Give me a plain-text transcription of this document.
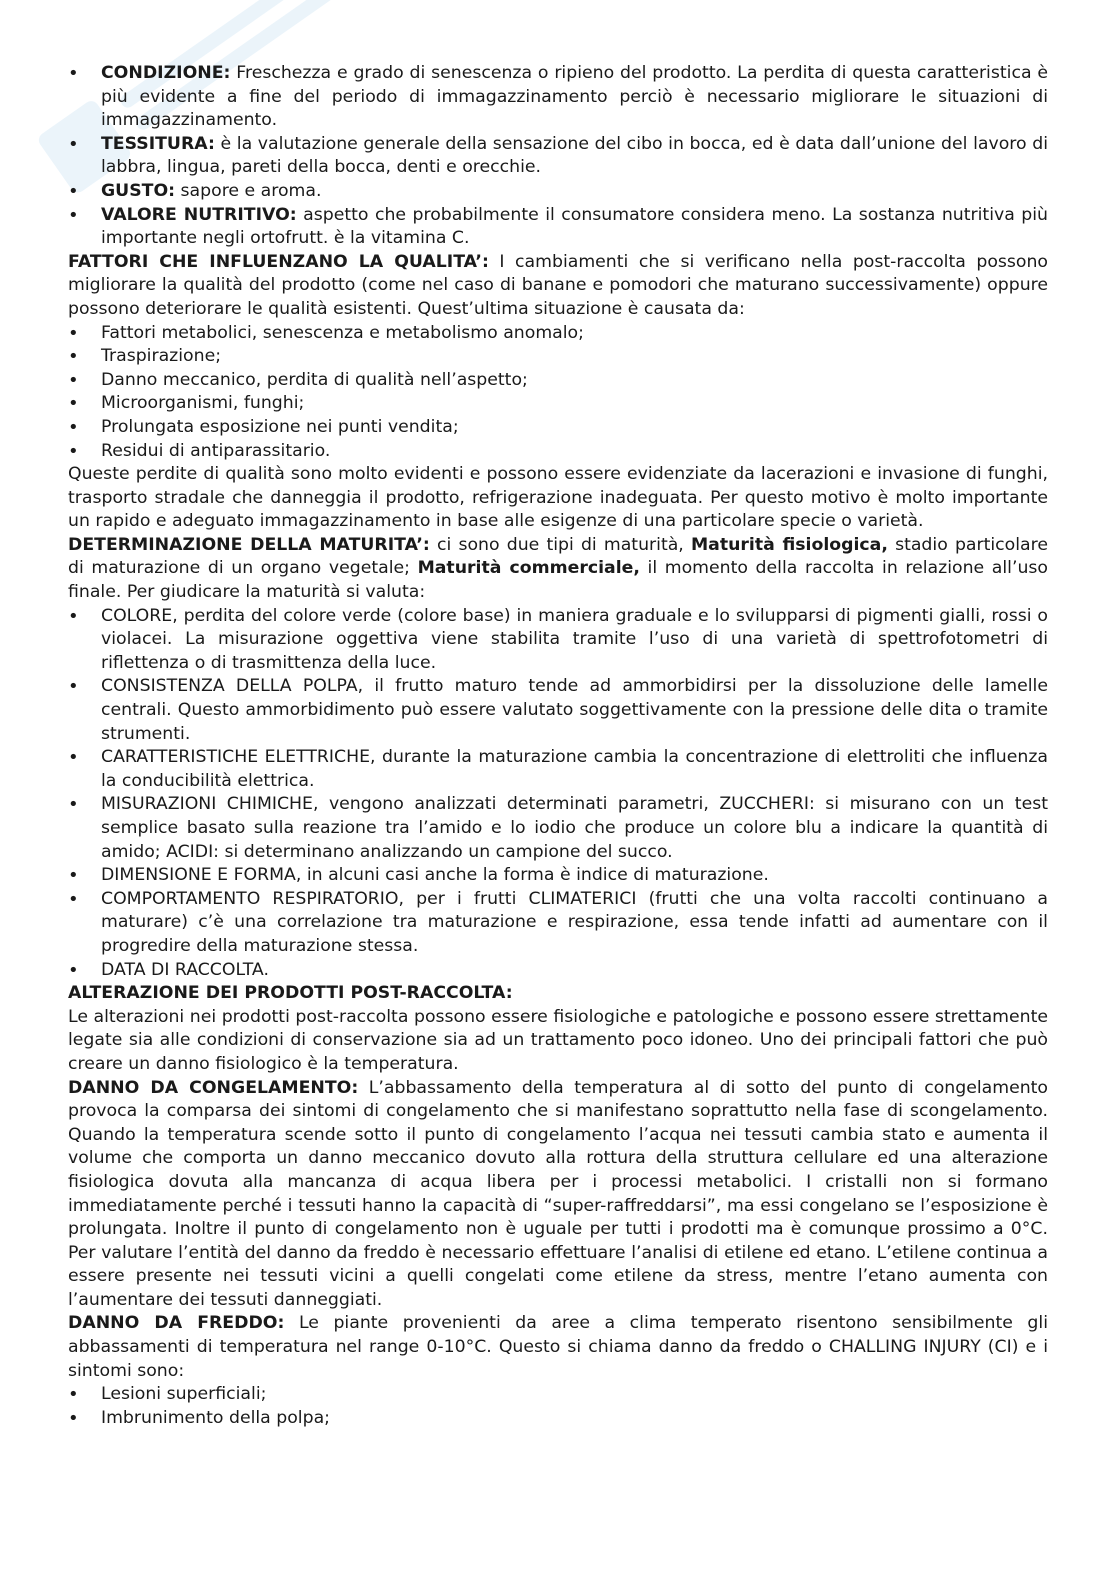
• CONDIZIONE: Freschezza e grado di senescenza o ripieno del prodotto. La perdita di questa caratteristica è più evidente a fine del periodo di immagazzinamento perciò è necessario migliorare le situazioni di immagazzinamento.
• TESSITURA: è la valutazione generale della sensazione del cibo in bocca, ed è data dall’unione del lavoro di labbra, lingua, pareti della bocca, denti e orecchie.
• GUSTO: sapore e aroma.
• VALORE NUTRITIVO: aspetto che probabilmente il consumatore considera meno. La sostanza nutritiva più importante negli ortofrutt. è la vitamina C.

FATTORI CHE INFLUENZANO LA QUALITA’: I cambiamenti che si verificano nella post-raccolta possono migliorare la qualità del prodotto (come nel caso di banane e pomodori che maturano successivamente) oppure possono deteriorare le qualità esistenti. Quest’ultima situazione è causata da:

• Fattori metabolici, senescenza e metabolismo anomalo;
• Traspirazione;
• Danno meccanico, perdita di qualità nell’aspetto;
• Microorganismi, funghi;
• Prolungata esposizione nei punti vendita;
• Residui di antiparassitario.

Queste perdite di qualità sono molto evidenti e possono essere evidenziate da lacerazioni e invasione di funghi, trasporto stradale che danneggia il prodotto, refrigerazione inadeguata. Per questo motivo è molto importante un rapido e adeguato immagazzinamento in base alle esigenze di una particolare specie o varietà.

DETERMINAZIONE DELLA MATURITA’: ci sono due tipi di maturità, Maturità fisiologica, stadio particolare di maturazione di un organo vegetale; Maturità commerciale, il momento della raccolta in relazione all’uso finale. Per giudicare la maturità si valuta:

• COLORE, perdita del colore verde (colore base) in maniera graduale e lo svilupparsi di pigmenti gialli, rossi o violacei. La misurazione oggettiva viene stabilita tramite l’uso di una varietà di spettrofotometri di riflettenza o di trasmittenza della luce.
• CONSISTENZA DELLA POLPA, il frutto maturo tende ad ammorbidirsi per la dissoluzione delle lamelle centrali. Questo ammorbidimento può essere valutato soggettivamente con la pressione delle dita o tramite strumenti.
• CARATTERISTICHE ELETTRICHE, durante la maturazione cambia la concentrazione di elettroliti che influenza la conducibilità elettrica.
• MISURAZIONI CHIMICHE, vengono analizzati determinati parametri, ZUCCHERI: si misurano con un test semplice basato sulla reazione tra l’amido e lo iodio che produce un colore blu a indicare la quantità di amido; ACIDI: si determinano analizzando un campione del succo.
• DIMENSIONE E FORMA, in alcuni casi anche la forma è indice di maturazione.
• COMPORTAMENTO RESPIRATORIO, per i frutti CLIMATERICI (frutti che una volta raccolti continuano a maturare) c’è una correlazione tra maturazione e respirazione, essa tende infatti ad aumentare con il progredire della maturazione stessa.
• DATA DI RACCOLTA.

ALTERAZIONE DEI PRODOTTI POST-RACCOLTA:

Le alterazioni nei prodotti post-raccolta possono essere fisiologiche e patologiche e possono essere strettamente legate sia alle condizioni di conservazione sia ad un trattamento poco idoneo. Uno dei principali fattori che può creare un danno fisiologico è la temperatura.

DANNO DA CONGELAMENTO: L’abbassamento della temperatura al di sotto del punto di congelamento provoca la comparsa dei sintomi di congelamento che si manifestano soprattutto nella fase di scongelamento. Quando la temperatura scende sotto il punto di congelamento l’acqua nei tessuti cambia stato e aumenta il volume che comporta un danno meccanico dovuto alla rottura della struttura cellulare ed una alterazione fisiologica dovuta alla mancanza di acqua libera per i processi metabolici. I cristalli non si formano immediatamente perché i tessuti hanno la capacità di “super-raffreddarsi”, ma essi congelano se l’esposizione è prolungata. Inoltre il punto di congelamento non è uguale per tutti i prodotti ma è comunque prossimo a 0°C. Per valutare l’entità del danno da freddo è necessario effettuare l’analisi di etilene ed etano. L’etilene continua a essere presente nei tessuti vicini a quelli congelati come etilene da stress, mentre l’etano aumenta con l’aumentare dei tessuti danneggiati.

DANNO DA FREDDO: Le piante provenienti da aree a clima temperato risentono sensibilmente gli abbassamenti di temperatura nel range 0-10°C. Questo si chiama danno da freddo o CHALLING INJURY (CI) e i sintomi sono:

• Lesioni superficiali;
• Imbrunimento della polpa;
